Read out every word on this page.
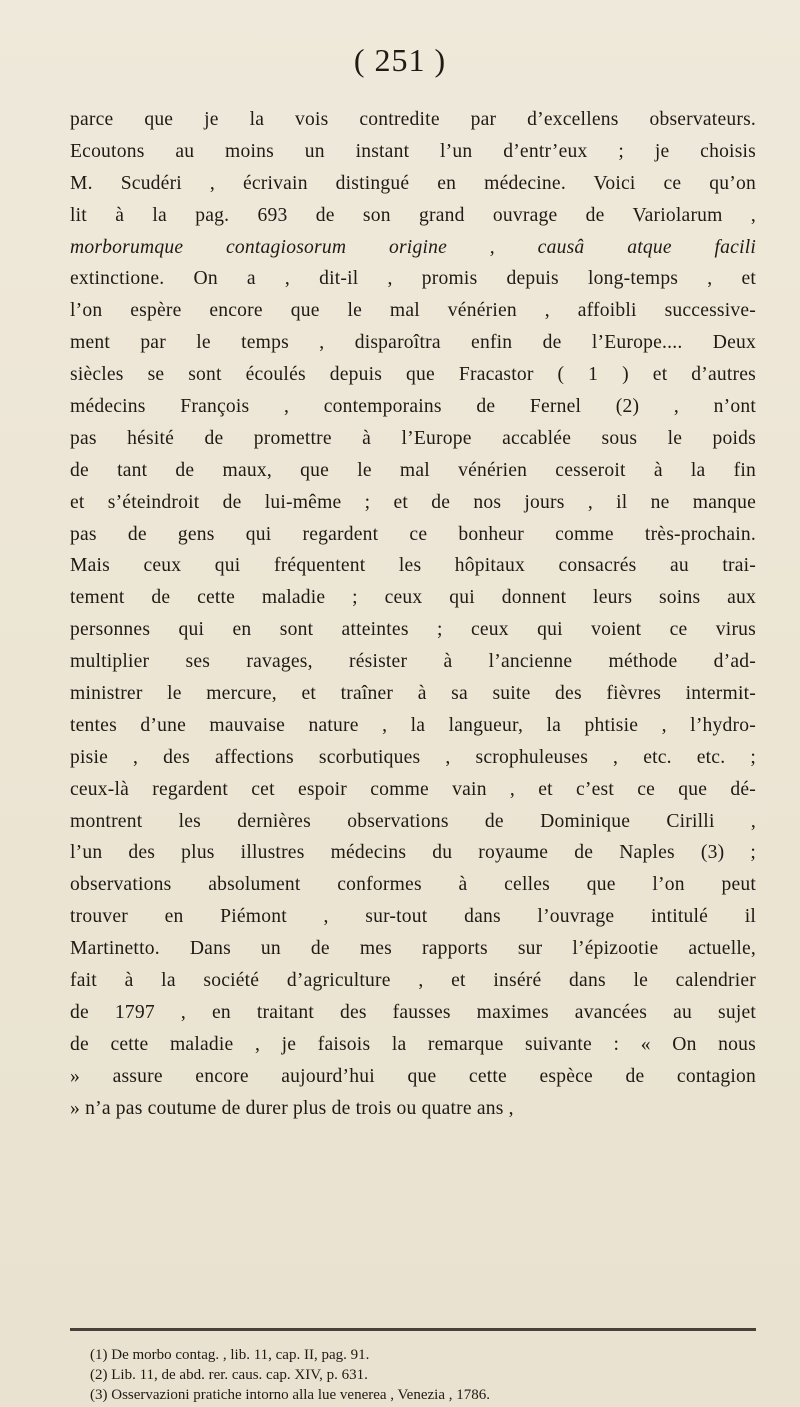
( 251 )
parce que je la vois contredite par d’excellens observateurs.
Ecoutons au moins un instant l’un d’entr’eux ; je choisis
M. Scudéri , écrivain distingué en médecine. Voici ce qu’on
lit à la pag. 693 de son grand ouvrage de Variolarum ,
morborumque contagiosorum origine , causâ atque facili
extinctione. On a , dit-il , promis depuis long-temps , et
l’on espère encore que le mal vénérien , affoibli successive-
ment par le temps , disparoîtra enfin de l’Europe.... Deux
siècles se sont écoulés depuis que Fracastor ( 1 ) et d’autres
médecins François , contemporains de Fernel (2) , n’ont
pas hésité de promettre à l’Europe accablée sous le poids
de tant de maux, que le mal vénérien cesseroit à la fin
et s’éteindroit de lui-même ; et de nos jours , il ne manque
pas de gens qui regardent ce bonheur comme très-prochain.
Mais ceux qui fréquentent les hôpitaux consacrés au trai-
tement de cette maladie ; ceux qui donnent leurs soins aux
personnes qui en sont atteintes ; ceux qui voient ce virus
multiplier ses ravages, résister à l’ancienne méthode d’ad-
ministrer le mercure, et traîner à sa suite des fièvres intermit-
tentes d’une mauvaise nature , la langueur, la phtisie , l’hydro-
pisie , des affections scorbutiques , scrophuleuses , etc. etc. ;
ceux-là regardent cet espoir comme vain , et c’est ce que dé-
montrent les dernières observations de Dominique Cirilli ,
l’un des plus illustres médecins du royaume de Naples (3) ;
observations absolument conformes à celles que l’on peut
trouver en Piémont , sur-tout dans l’ouvrage intitulé il
Martinetto. Dans un de mes rapports sur l’épizootie actuelle,
fait à la société d’agriculture , et inséré dans le calendrier
de 1797 , en traitant des fausses maximes avancées au sujet
de cette maladie , je faisois la remarque suivante : « On nous
» assure encore aujourd’hui que cette espèce de contagion
» n’a pas coutume de durer plus de trois ou quatre ans ,
(1) De morbo contag. , lib. 11, cap. II, pag. 91.
(2) Lib. 11, de abd. rer. caus. cap. XIV, p. 631.
(3) Osservazioni pratiche intorno alla lue venerea , Venezia , 1786.
